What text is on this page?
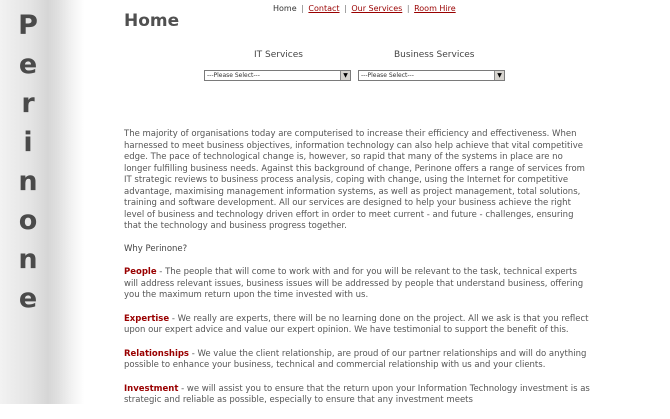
P
e
r
i
n
o
n
e
Home | Contact | Our Services | Room Hire
Home
IT Services	Business Services
---Please Select---	▼	---Please Select---	▼

The majority of organisations today are computerised to increase their efficiency and effectiveness. When harnessed to meet business objectives, information technology can also help achieve that vital competitive edge. The pace of technological change is, however, so rapid that many of the systems in place are no longer fulfilling business needs. Against this background of change, Perinone offers a range of services from IT strategic reviews to business process analysis, coping with change, using the Internet for competitive advantage, maximising management information systems, as well as project management, total solutions, training and software development. All our services are designed to help your business achieve the right level of business and technology driven effort in order to meet current - and future - challenges, ensuring that the technology and business progress together.

Why Perinone?

People - The people that will come to work with and for you will be relevant to the task, technical experts will address relevant issues, business issues will be addressed by people that understand business, offering you the maximum return upon the time invested with us.

Expertise - We really are experts, there will be no learning done on the project. All we ask is that you reflect upon our expert advice and value our expert opinion. We have testimonial to support the benefit of this.

Relationships - We value the client relationship, are proud of our partner relationships and will do anything possible to enhance your business, technical and commercial relationship with us and your clients.

Investment - we will assist you to ensure that the return upon your Information Technology investment is as strategic and reliable as possible, especially to ensure that any investment meets
